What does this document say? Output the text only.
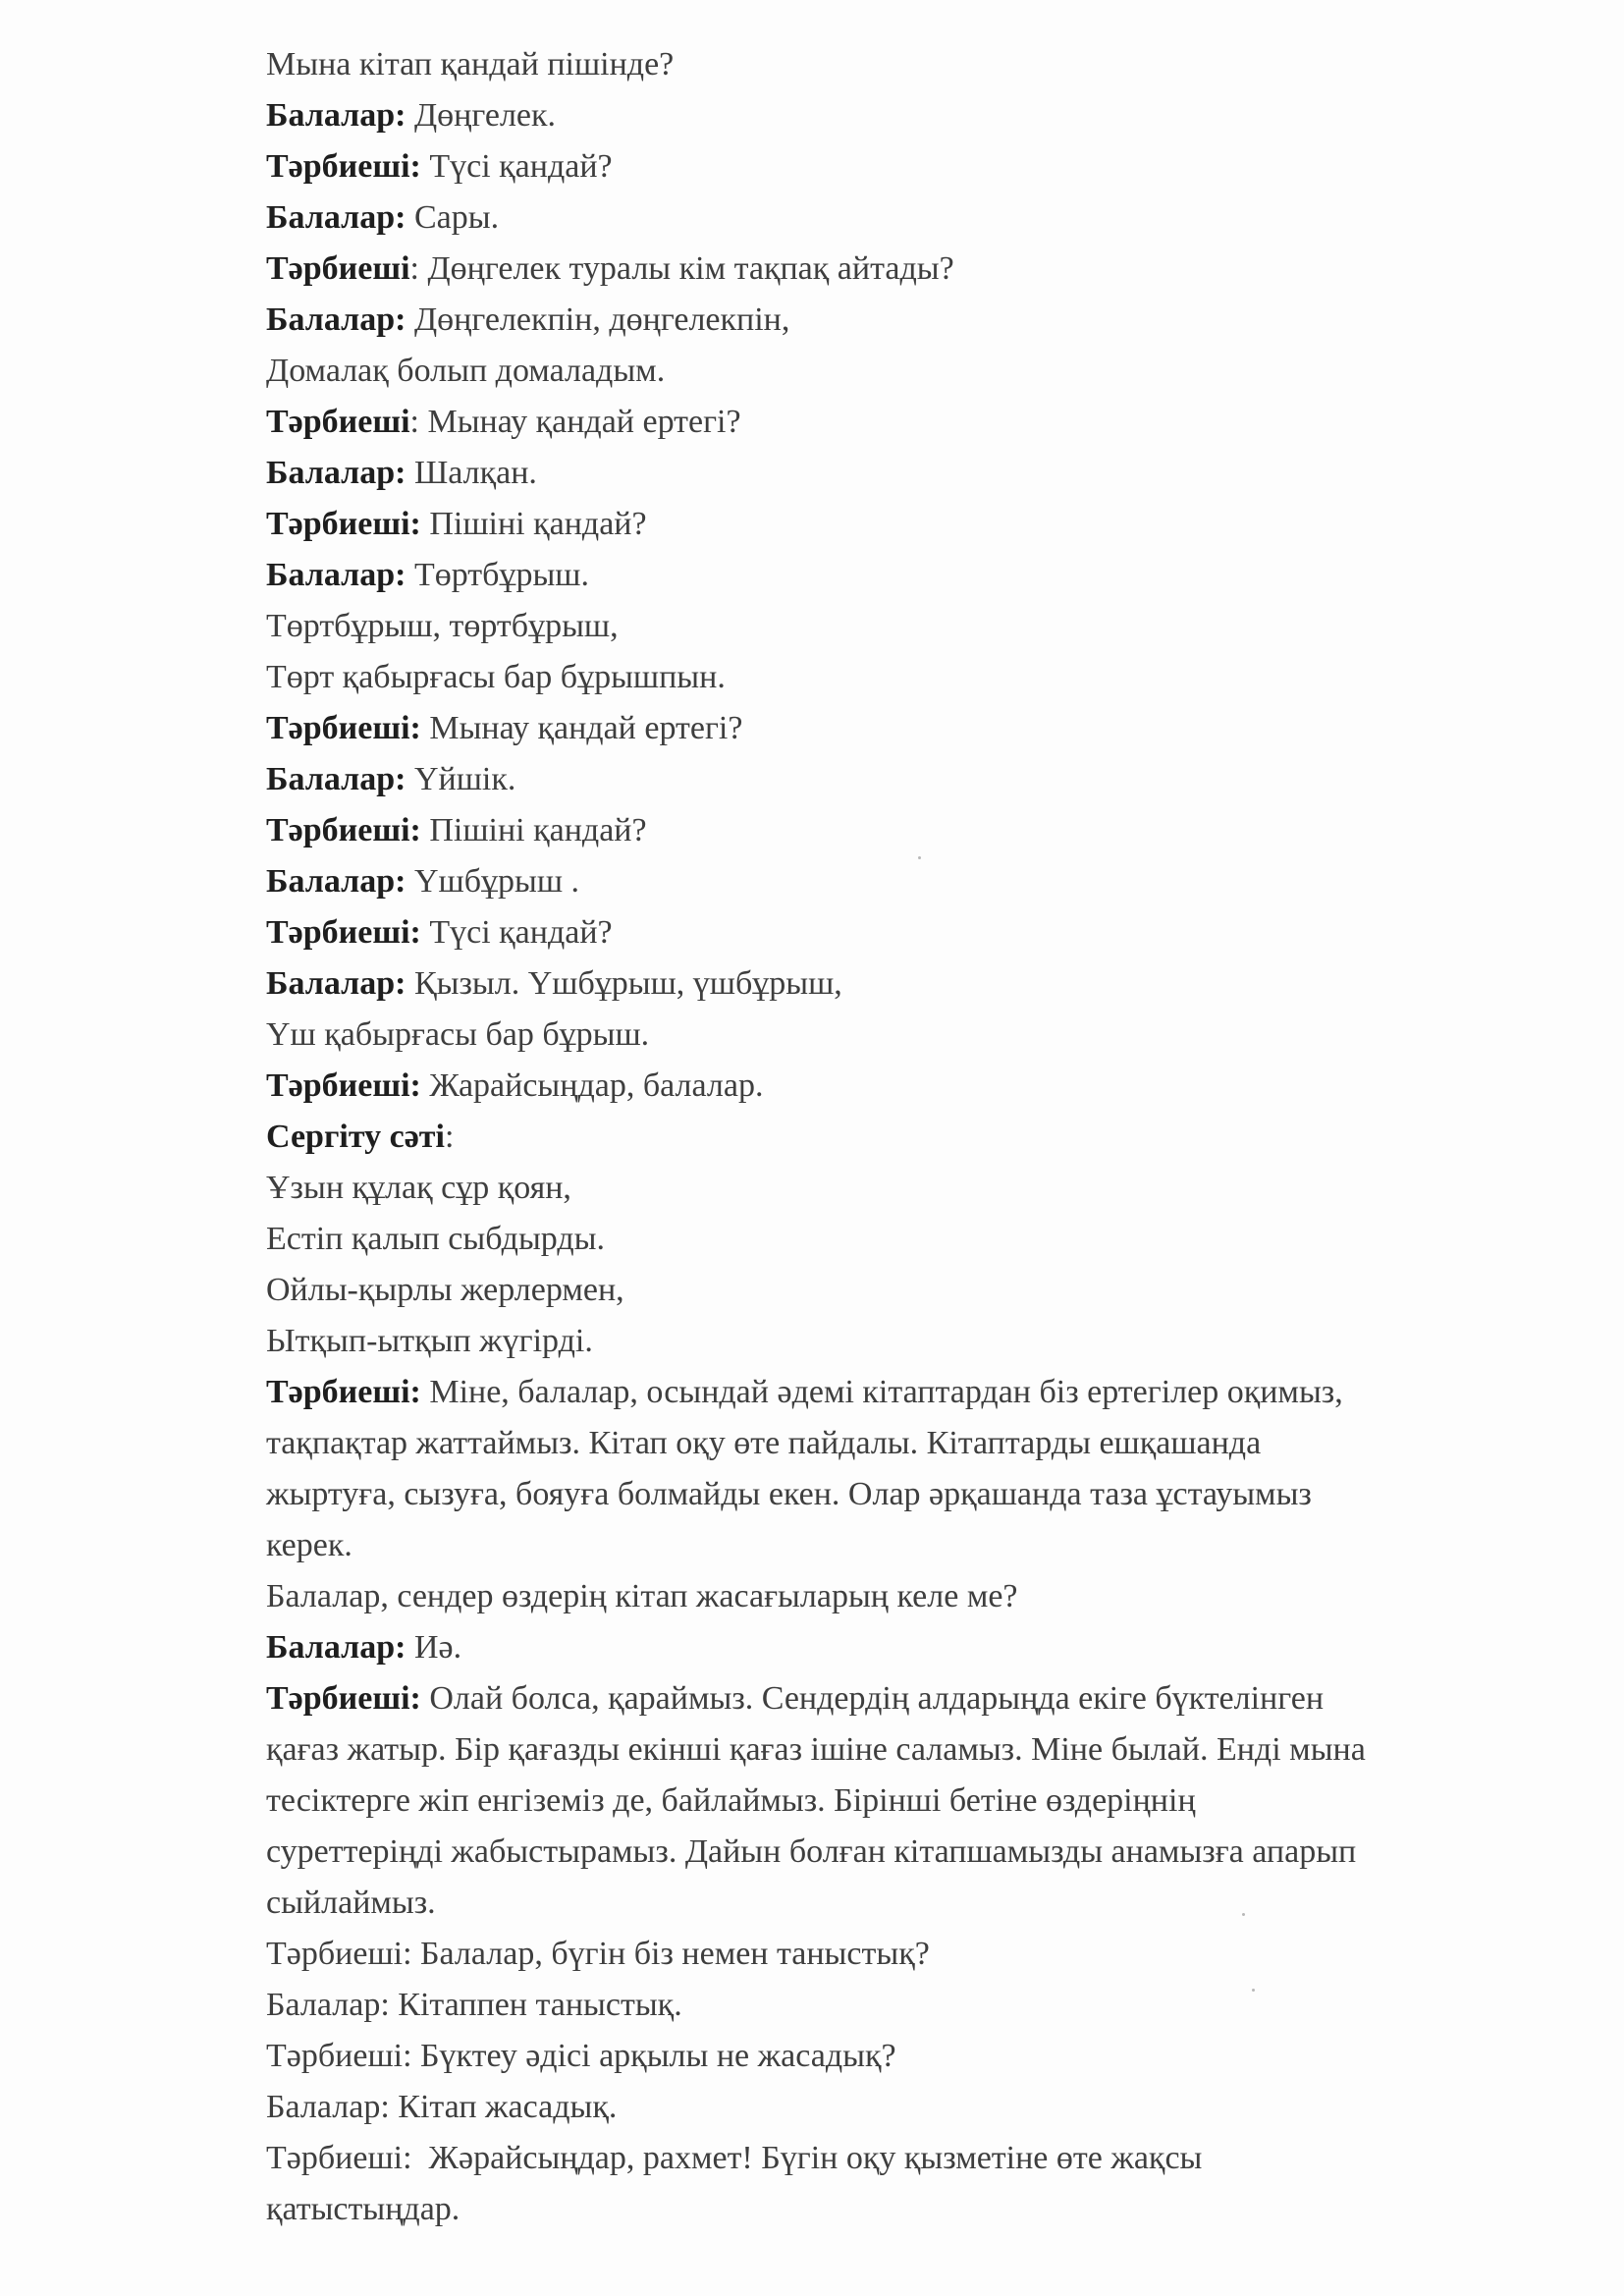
Мына кітап қандай пішінде?

Балалар: Дөңгелек.

Тәрбиеші: Түсі қандай?

Балалар: Сары.

Тәрбиеші: Дөңгелек туралы кім тақпақ айтады?

Балалар: Дөңгелекпін, дөңгелекпін,

Домалақ болып домаладым.

Тәрбиеші: Мынау қандай ертегі?

Балалар: Шалқан.

Тәрбиеші: Пішіні қандай?

Балалар: Төртбұрыш.

Төртбұрыш, төртбұрыш,

Төрт қабырғасы бар бұрышпын.

Тәрбиеші: Мынау қандай ертегі?

Балалар: Үйшік.

Тәрбиеші: Пішіні қандай?

Балалар: Үшбұрыш .

Тәрбиеші: Түсі қандай?

Балалар: Қызыл. Үшбұрыш, үшбұрыш,

Үш қабырғасы бар бұрыш.

Тәрбиеші: Жарайсыңдар, балалар.

Сергіту сәті:

Ұзын құлақ сұр қоян,

Естіп қалып сыбдырды.

Ойлы-қырлы жерлермен,

Ытқып-ытқып жүгірді.

Тәрбиеші: Міне, балалар, осындай әдемі кітаптардан біз ертегілер оқимыз,

тақпақтар жаттаймыз. Кітап оқу өте пайдалы. Кітаптарды ешқашанда

жыртуға, сызуға, бояуға болмайды екен. Олар әрқашанда таза ұстауымыз

керек.

Балалар, сендер өздерің кітап жасағыларың келе ме?

Балалар: Иә.

Тәрбиеші: Олай болса, қараймыз. Сендердің алдарыңда екіге бүктелінген

қағаз жатыр. Бір қағазды екінші қағаз ішіне саламыз. Міне былай. Енді мына

тесіктерге жіп енгіземіз де, байлаймыз. Бірінші бетіне өздеріңнің

суреттеріңді жабыстырамыз. Дайын болған кітапшамызды анамызға апарып

сыйлаймыз.

Тәрбиеші: Балалар, бүгін біз немен таныстық?

Балалар: Кітаппен таныстық.

Тәрбиеші: Бүктеу әдісі арқылы не жасадық?

Балалар: Кітап жасадық.

Тәрбиеші:  Жәрайсыңдар, рахмет! Бүгін оқу қызметіне өте жақсы

қатыстыңдар.
